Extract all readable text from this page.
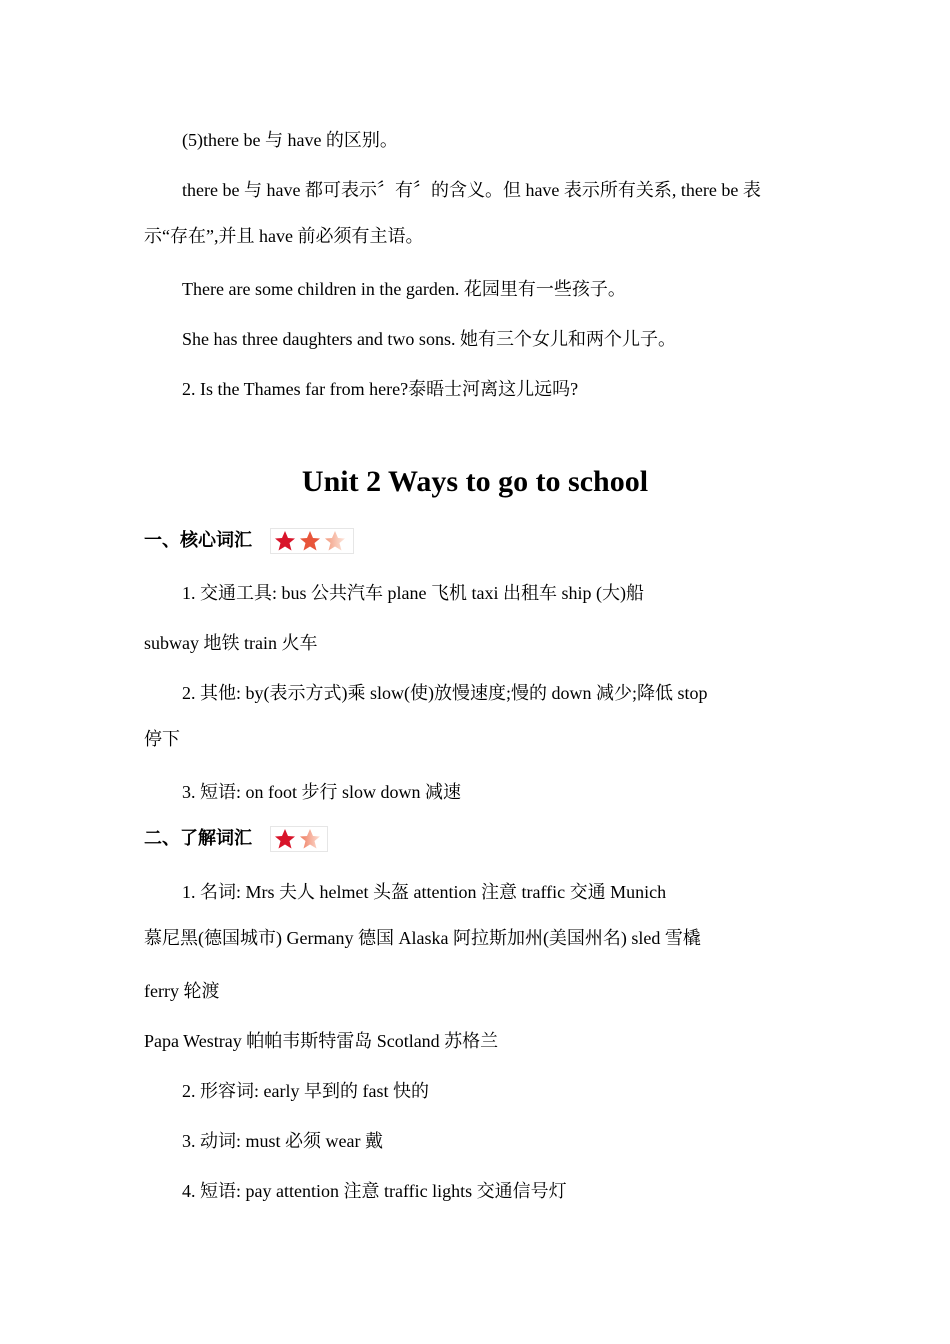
(5)there be 与 have 的区别。
there be 与 have 都可表示〞有〞的含义。但 have 表示所有关系, there be 表
示“存在”,并且 have 前必须有主语。
There are some children in the garden. 花园里有一些孩子。
She has three daughters and two sons. 她有三个女儿和两个儿子。
2. Is the Thames far from here?泰晤士河离这儿远吗?
Unit 2 Ways to go to school
一、核心词汇
1. 交通工具: bus 公共汽车 plane 飞机 taxi 出租车 ship (大)船
subway 地铁 train 火车
2. 其他: by(表示方式)乘 slow(使)放慢速度;慢的 down 减少;降低 stop
停下
3. 短语: on foot 步行 slow down 减速
二、了解词汇
1. 名词: Mrs 夫人 helmet 头盔 attention 注意 traffic 交通 Munich
慕尼黑(德国城市) Germany 德国 Alaska 阿拉斯加州(美国州名) sled 雪橇
ferry 轮渡
Papa Westray 帕帕韦斯特雷岛 Scotland 苏格兰
2. 形容词: early 早到的 fast 快的
3. 动词: must 必须 wear 戴
4. 短语: pay attention 注意 traffic lights 交通信号灯
